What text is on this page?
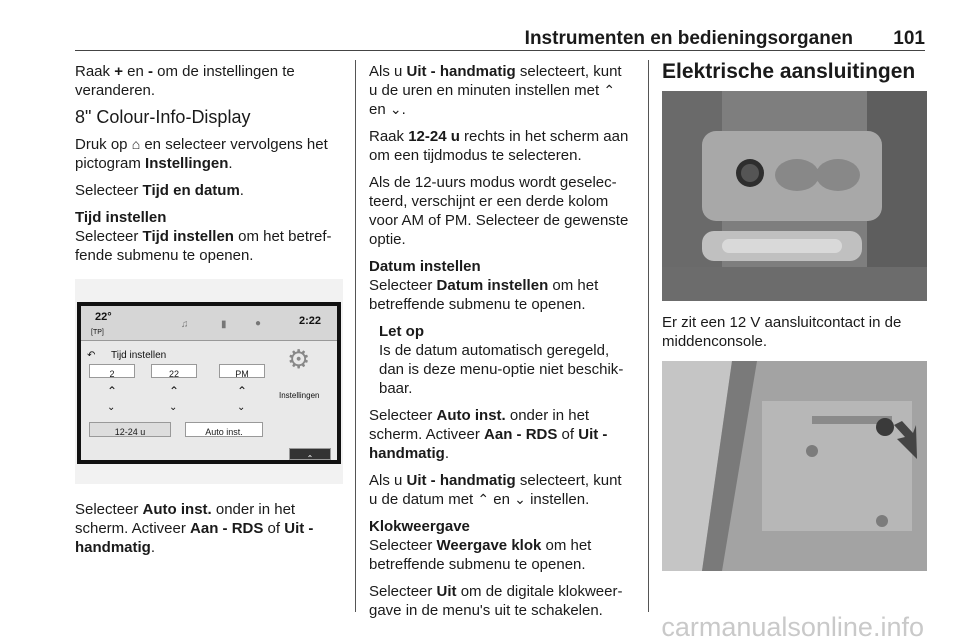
Instrumenten en bedieningsorganen 101

Raak + en - om de instellingen te veranderen.

8" Colour-Info-Display

Druk op ⌂ en selecteer vervolgens het pictogram Instellingen.

Selecteer Tijd en datum.

Tijd instellen

Selecteer Tijd instellen om het betreffende submenu te openen.

22°
[TP]
♫	▮	●	2:22
↶ Tijd instellen
2	22	PM
⌃	⌃	⌃
⌄	⌄	⌄
⚙
Instellingen
12-24 u	Auto inst.
⌃

Selecteer Auto inst. onder in het scherm. Activeer Aan - RDS of Uit - handmatig.

Als u Uit - handmatig selecteert, kunt u de uren en minuten instellen met ⌃ en ⌄.

Raak 12-24 u rechts in het scherm aan om een tijdmodus te selecteren.

Als de 12-uurs modus wordt geselecteerd, verschijnt er een derde kolom voor AM of PM. Selecteer de gewenste optie.

Datum instellen

Selecteer Datum instellen om het betreffende submenu te openen.

Let op
Is de datum automatisch geregeld, dan is deze menu-optie niet beschikbaar.

Selecteer Auto inst. onder in het scherm. Activeer Aan - RDS of Uit - handmatig.

Als u Uit - handmatig selecteert, kunt u de datum met ⌃ en ⌄ instellen.

Klokweergave

Selecteer Weergave klok om het betreffende submenu te openen.

Selecteer Uit om de digitale klokweergave in de menu's uit te schakelen.

Elektrische aansluitingen

Er zit een 12 V aansluitcontact in de middenconsole.

carmanualsonline.info
